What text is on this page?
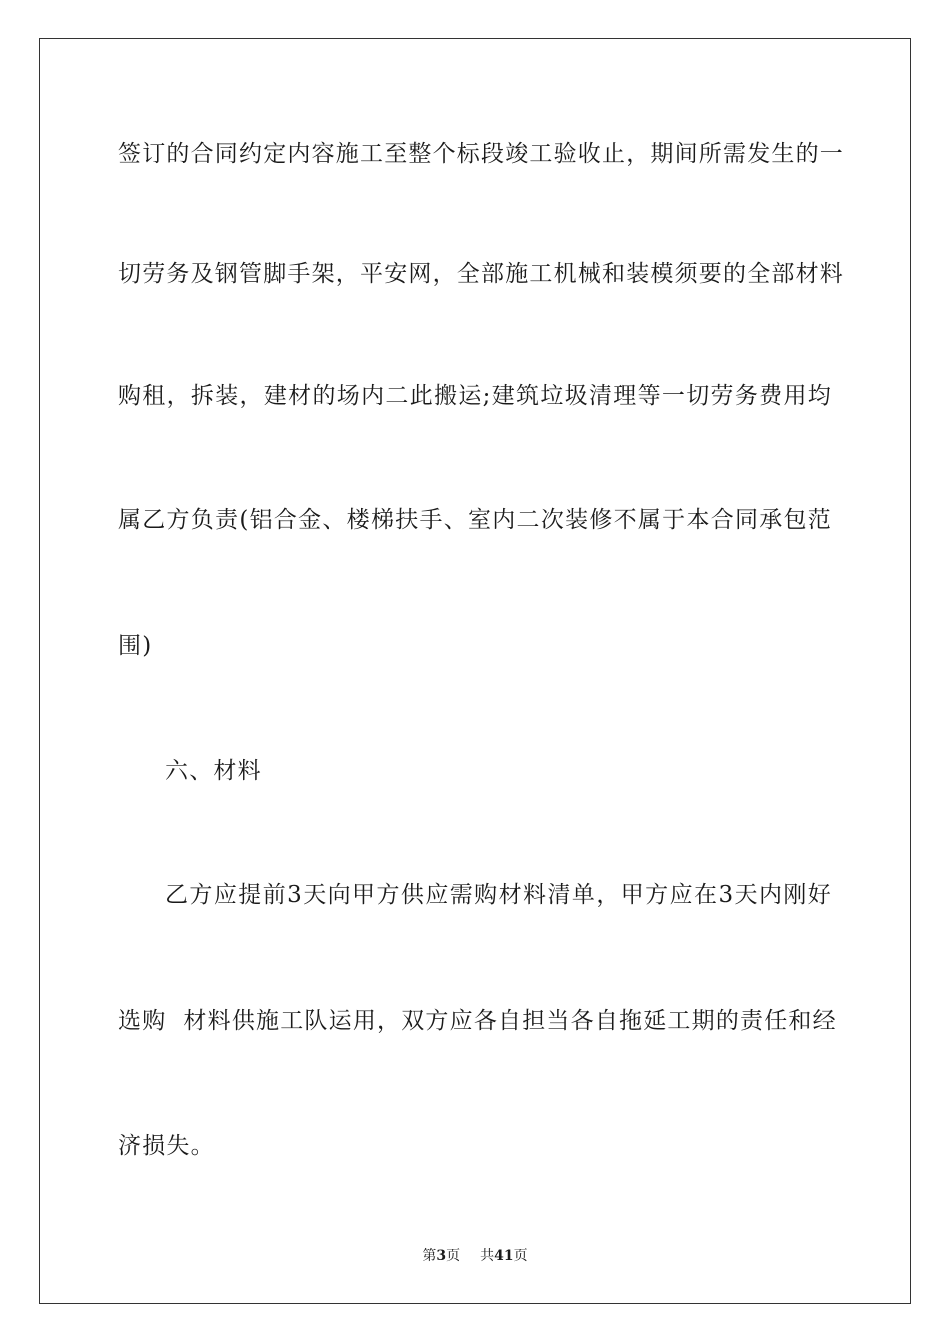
签订的合同约定内容施工至整个标段竣工验收止，期间所需发生的一
切劳务及钢管脚手架，平安网，全部施工机械和装模须要的全部材料
购租，拆装，建材的场内二此搬运;建筑垃圾清理等一切劳务费用均
属乙方负责(铝合金、楼梯扶手、室内二次装修不属于本合同承包范
围)
六、材料
乙方应提前3天向甲方供应需购材料清单，甲方应在3天内刚好
选购  材料供施工队运用，双方应各自担当各自拖延工期的责任和经
济损失。
第3页 共41页
